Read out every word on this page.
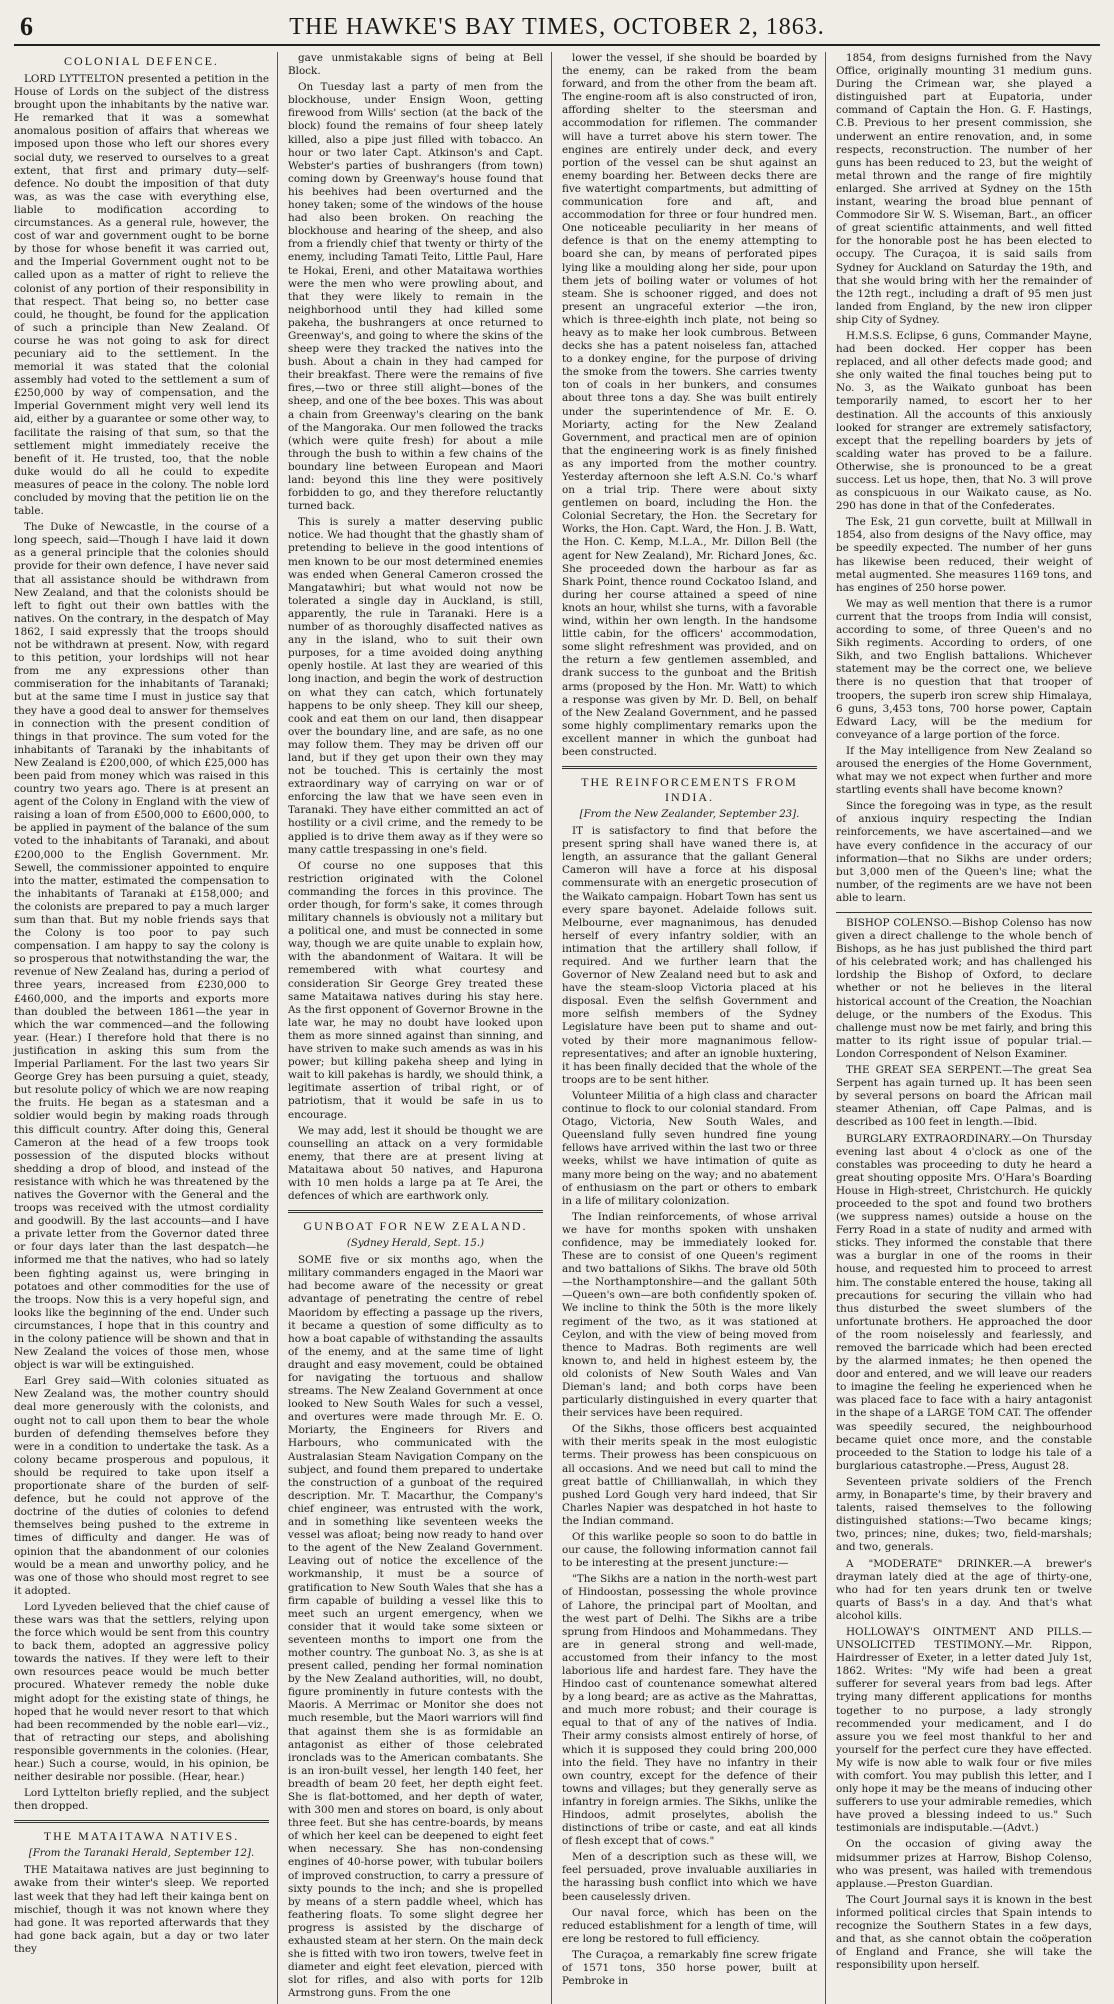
6	THE HAWKE'S BAY TIMES, OCTOBER 2, 1863.
COLONIAL DEFENCE.

LORD LYTTELTON presented a petition in the House of Lords on the subject of the distress brought upon the inhabitants by the native war. He remarked that it was a somewhat anomalous position of affairs that whereas we imposed upon those who left our shores every social duty, we reserved to ourselves to a great extent, that first and primary duty—self-defence. No doubt the imposition of that duty was, as was the case with everything else, liable to modification according to circumstances. As a general rule, however, the cost of war and government ought to be borne by those for whose benefit it was carried out, and the Imperial Government ought not to be called upon as a matter of right to relieve the colonist of any portion of their responsibility in that respect. That being so, no better case could, he thought, be found for the application of such a principle than New Zealand. Of course he was not going to ask for direct pecuniary aid to the settlement. In the memorial it was stated that the colonial assembly had voted to the settlement a sum of £250,000 by way of compensation, and the Imperial Government might very well lend its aid, either by a guarantee or some other way, to facilitate the raising of that sum, so that the settlement might immediately receive the benefit of it. He trusted, too, that the noble duke would do all he could to expedite measures of peace in the colony. The noble lord concluded by moving that the petition lie on the table.

The Duke of Newcastle, in the course of a long speech, said—Though I have laid it down as a general principle that the colonies should provide for their own defence, I have never said that all assistance should be withdrawn from New Zealand, and that the colonists should be left to fight out their own battles with the natives. On the contrary, in the despatch of May 1862, I said expressly that the troops should not be withdrawn at present. Now, with regard to this petition, your lordships will not hear from me any expressions other than commiseration for the inhabitants of Taranaki; but at the same time I must in justice say that they have a good deal to answer for themselves in connection with the present condition of things in that province. The sum voted for the inhabitants of Taranaki by the inhabitants of New Zealand is £200,000, of which £25,000 has been paid from money which was raised in this country two years ago. There is at present an agent of the Colony in England with the view of raising a loan of from £500,000 to £600,000, to be applied in payment of the balance of the sum voted to the inhabitants of Taranaki, and about £200,000 to the English Government. Mr. Sewell, the commissioner appointed to enquire into the matter, estimated the compensation to the inhabitants of Taranaki at £158,000; and the colonists are prepared to pay a much larger sum than that. But my noble friends says that the Colony is too poor to pay such compensation. I am happy to say the colony is so prosperous that notwithstanding the war, the revenue of New Zealand has, during a period of three years, increased from £230,000 to £460,000, and the imports and exports more than doubled the between 1861—the year in which the war commenced—and the following year. (Hear.) I therefore hold that there is no justification in asking this sum from the Imperial Parliament. For the last two years Sir George Grey has been pursuing a quiet, steady, but resolute policy of which we are now reaping the fruits. He began as a statesman and a soldier would begin by making roads through this difficult country. After doing this, General Cameron at the head of a few troops took possession of the disputed blocks without shedding a drop of blood, and instead of the resistance with which he was threatened by the natives the Governor with the General and the troops was received with the utmost cordiality and goodwill. By the last accounts—and I have a private letter from the Governor dated three or four days later than the last despatch—he informed me that the natives, who had so lately been fighting against us, were bringing in potatoes and other commodities for the use of the troops. Now this is a very hopeful sign, and looks like the beginning of the end. Under such circumstances, I hope that in this country and in the colony patience will be shown and that in New Zealand the voices of those men, whose object is war will be extinguished.

Earl Grey said—With colonies situated as New Zealand was, the mother country should deal more generously with the colonists, and ought not to call upon them to bear the whole burden of defending themselves before they were in a condition to undertake the task. As a colony became prosperous and populous, it should be required to take upon itself a proportionate share of the burden of self-defence, but he could not approve of the doctrine of the duties of colonies to defend themselves being pushed to the extreme in times of difficulty and danger. He was of opinion that the abandonment of our colonies would be a mean and unworthy policy, and he was one of those who should most regret to see it adopted.

Lord Lyveden believed that the chief cause of these wars was that the settlers, relying upon the force which would be sent from this country to back them, adopted an aggressive policy towards the natives. If they were left to their own resources peace would be much better procured. Whatever remedy the noble duke might adopt for the existing state of things, he hoped that he would never resort to that which had been recommended by the noble earl—viz., that of retracting our steps, and abolishing responsible governments in the colonies. (Hear, hear.) Such a course, would, in his opinion, be neither desirable nor possible. (Hear, hear.)

Lord Lyttelton briefly replied, and the subject then dropped.

THE MATAITAWA NATIVES.
[From the Taranaki Herald, September 12].

THE Mataitawa natives are just beginning to awake from their winter's sleep. We reported last week that they had left their kainga bent on mischief, though it was not known where they had gone. It was reported afterwards that they had gone back again, but a day or two later they

gave unmistakable signs of being at Bell Block.

On Tuesday last a party of men from the blockhouse, under Ensign Woon, getting firewood from Wills' section (at the back of the block) found the remains of four sheep lately killed, also a pipe just filled with tobacco. An hour or two later Capt. Atkinson's and Capt. Webster's parties of bushrangers (from town) coming down by Greenway's house found that his beehives had been overturned and the honey taken; some of the windows of the house had also been broken. On reaching the blockhouse and hearing of the sheep, and also from a friendly chief that twenty or thirty of the enemy, including Tamati Teito, Little Paul, Hare te Hokai, Ereni, and other Mataitawa worthies were the men who were prowling about, and that they were likely to remain in the neighborhood until they had killed some pakeha, the bushrangers at once returned to Greenway's, and going to where the skins of the sheep were they tracked the natives into the bush. About a chain in they had camped for their breakfast. There were the remains of five fires,—two or three still alight—bones of the sheep, and one of the bee boxes. This was about a chain from Greenway's clearing on the bank of the Mangoraka. Our men followed the tracks (which were quite fresh) for about a mile through the bush to within a few chains of the boundary line between European and Maori land: beyond this line they were positively forbidden to go, and they therefore reluctantly turned back.

This is surely a matter deserving public notice. We had thought that the ghastly sham of pretending to believe in the good intentions of men known to be our most determined enemies was ended when General Cameron crossed the Mangatawhiri; but what would not now be tolerated a single day in Auckland, is still, apparently, the rule in Taranaki. Here is a number of as thoroughly disaffected natives as any in the island, who to suit their own purposes, for a time avoided doing anything openly hostile. At last they are wearied of this long inaction, and begin the work of destruction on what they can catch, which fortunately happens to be only sheep. They kill our sheep, cook and eat them on our land, then disappear over the boundary line, and are safe, as no one may follow them. They may be driven off our land, but if they get upon their own they may not be touched. This is certainly the most extraordinary way of carrying on war or of enforcing the law that we have seen even in Taranaki. They have either committed an act of hostility or a civil crime, and the remedy to be applied is to drive them away as if they were so many cattle trespassing in one's field.

Of course no one supposes that this restriction originated with the Colonel commanding the forces in this province. The order though, for form's sake, it comes through military channels is obviously not a military but a political one, and must be connected in some way, though we are quite unable to explain how, with the abandonment of Waitara. It will be remembered with what courtesy and consideration Sir George Grey treated these same Mataitawa natives during his stay here. As the first opponent of Governor Browne in the late war, he may no doubt have looked upon them as more sinned against than sinning, and have striven to make such amends as was in his power; but killing pakeha sheep and lying in wait to kill pakehas is hardly, we should think, a legitimate assertion of tribal right, or of patriotism, that it would be safe in us to encourage.

We may add, lest it should be thought we are counselling an attack on a very formidable enemy, that there are at present living at Mataitawa about 50 natives, and Hapurona with 10 men holds a large pa at Te Arei, the defences of which are earthwork only.

GUNBOAT FOR NEW ZEALAND.
(Sydney Herald, Sept. 15.)

SOME five or six months ago, when the military commanders engaged in the Maori war had become aware of the necessity or great advantage of penetrating the centre of rebel Maoridom by effecting a passage up the rivers, it became a question of some difficulty as to how a boat capable of withstanding the assaults of the enemy, and at the same time of light draught and easy movement, could be obtained for navigating the tortuous and shallow streams. The New Zealand Government at once looked to New South Wales for such a vessel, and overtures were made through Mr. E. O. Moriarty, the Engineers for Rivers and Harbours, who communicated with the Australasian Steam Navigation Company on the subject, and found them prepared to undertake the construction of a gunboat of the required description. Mr. T. Macarthur, the Company's chief engineer, was entrusted with the work, and in something like seventeen weeks the vessel was afloat; being now ready to hand over to the agent of the New Zealand Government. Leaving out of notice the excellence of the workmanship, it must be a source of gratification to New South Wales that she has a firm capable of building a vessel like this to meet such an urgent emergency, when we consider that it would take some sixteen or seventeen months to import one from the mother country. The gunboat No. 3, as she is at present called, pending her formal nomination by the New Zealand authorities, will, no doubt, figure prominently in future contests with the Maoris. A Merrimac or Monitor she does not much resemble, but the Maori warriors will find that against them she is as formidable an antagonist as either of those celebrated ironclads was to the American combatants. She is an iron-built vessel, her length 140 feet, her breadth of beam 20 feet, her depth eight feet. She is flat-bottomed, and her depth of water, with 300 men and stores on board, is only about three feet. But she has centre-boards, by means of which her keel can be deepened to eight feet when necessary. She has non-condensing engines of 40-horse power, with tubular boilers of improved construction, to carry a pressure of sixty pounds to the inch; and she is propelled by means of a stern paddle wheel, which has feathering floats. To some slight degree her progress is assisted by the discharge of exhausted steam at her stern. On the main deck she is fitted with two iron towers, twelve feet in diameter and eight feet elevation, pierced with slot for rifles, and also with ports for 12lb Armstrong guns. From the one

lower the vessel, if she should be boarded by the enemy, can be raked from the beam forward, and from the other from the beam aft. The engine-room aft is also constructed of iron, affording shelter to the steersman and accommodation for riflemen. The commander will have a turret above his stern tower. The engines are entirely under deck, and every portion of the vessel can be shut against an enemy boarding her. Between decks there are five watertight compartments, but admitting of communication fore and aft, and accommodation for three or four hundred men. One noticeable peculiarity in her means of defence is that on the enemy attempting to board she can, by means of perforated pipes lying like a moulding along her side, pour upon them jets of boiling water or volumes of hot steam. She is schooner rigged, and does not present an ungraceful exterior —the iron, which is three-eighth inch plate, not being so heavy as to make her look cumbrous. Between decks she has a patent noiseless fan, attached to a donkey engine, for the purpose of driving the smoke from the towers. She carries twenty ton of coals in her bunkers, and consumes about three tons a day. She was built entirely under the superintendence of Mr. E. O. Moriarty, acting for the New Zealand Government, and practical men are of opinion that the engineering work is as finely finished as any imported from the mother country. Yesterday afternoon she left A.S.N. Co.'s wharf on a trial trip. There were about sixty gentlemen on board, including the Hon. the Colonial Secretary, the Hon. the Secretary for Works, the Hon. Capt. Ward, the Hon. J. B. Watt, the Hon. C. Kemp, M.L.A., Mr. Dillon Bell (the agent for New Zealand), Mr. Richard Jones, &c. She proceeded down the harbour as far as Shark Point, thence round Cockatoo Island, and during her course attained a speed of nine knots an hour, whilst she turns, with a favorable wind, within her own length. In the handsome little cabin, for the officers' accommodation, some slight refreshment was provided, and on the return a few gentlemen assembled, and drank success to the gunboat and the British arms (proposed by the Hon. Mr. Watt) to which a response was given by Mr. D. Bell, on behalf of the New Zealand Government, and he passed some highly complimentary remarks upon the excellent manner in which the gunboat had been constructed.

THE REINFORCEMENTS FROM INDIA.
[From the New Zealander, September 23].

IT is satisfactory to find that before the present spring shall have waned there is, at length, an assurance that the gallant General Cameron will have a force at his disposal commensurate with an energetic prosecution of the Waikato campaign. Hobart Town has sent us every spare bayonet. Adelaide follows suit. Melbourne, ever magnanimous, has denuded herself of every infantry soldier, with an intimation that the artillery shall follow, if required. And we further learn that the Governor of New Zealand need but to ask and have the steam-sloop Victoria placed at his disposal. Even the selfish Government and more selfish members of the Sydney Legislature have been put to shame and out-voted by their more magnanimous fellow-representatives; and after an ignoble huxtering, it has been finally decided that the whole of the troops are to be sent hither.

Volunteer Militia of a high class and character continue to flock to our colonial standard. From Otago, Victoria, New South Wales, and Queensland fully seven hundred fine young fellows have arrived within the last two or three weeks, whilst we have intimation of quite as many more being on the way; and no abatement of enthusiasm on the part or others to embark in a life of military colonization.

The Indian reinforcements, of whose arrival we have for months spoken with unshaken confidence, may be immediately looked for. These are to consist of one Queen's regiment and two battalions of Sikhs. The brave old 50th—the Northamptonshire—and the gallant 50th—Queen's own—are both confidently spoken of. We incline to think the 50th is the more likely regiment of the two, as it was stationed at Ceylon, and with the view of being moved from thence to Madras. Both regiments are well known to, and held in highest esteem by, the old colonists of New South Wales and Van Dieman's land; and both corps have been particularly distinguished in every quarter that their services have been required.

Of the Sikhs, those officers best acquainted with their merits speak in the most eulogistic terms. Their prowess has been conspicuous on all occasions. And we need but call to mind the great battle of Chillianwallah, in which they pushed Lord Gough very hard indeed, that Sir Charles Napier was despatched in hot haste to the Indian command.

Of this warlike people so soon to do battle in our cause, the following information cannot fail to be interesting at the present juncture:—

"The Sikhs are a nation in the north-west part of Hindoostan, possessing the whole province of Lahore, the principal part of Mooltan, and the west part of Delhi. The Sikhs are a tribe sprung from Hindoos and Mohammedans. They are in general strong and well-made, accustomed from their infancy to the most laborious life and hardest fare. They have the Hindoo cast of countenance somewhat altered by a long beard; are as active as the Mahrattas, and much more robust; and their courage is equal to that of any of the natives of India. Their army consists almost entirely of horse, of which it is supposed they could bring 200,000 into the field. They have no infantry in their own country, except for the defence of their towns and villages; but they generally serve as infantry in foreign armies. The Sikhs, unlike the Hindoos, admit proselytes, abolish the distinctions of tribe or caste, and eat all kinds of flesh except that of cows."

Men of a description such as these will, we feel persuaded, prove invaluable auxiliaries in the harassing bush conflict into which we have been causelessly driven.

Our naval force, which has been on the reduced establishment for a length of time, will ere long be restored to full efficiency.

The Curaçoa, a remarkably fine screw frigate of 1571 tons, 350 horse power, built at Pembroke in

1854, from designs furnished from the Navy Office, originally mounting 31 medium guns. During the Crimean war, she played a distinguished part at Eupatoria, under command of Captain the Hon. G. F. Hastings, C.B. Previous to her present commission, she underwent an entire renovation, and, in some respects, reconstruction. The number of her guns has been reduced to 23, but the weight of metal thrown and the range of fire mightily enlarged. She arrived at Sydney on the 15th instant, wearing the broad blue pennant of Commodore Sir W. S. Wiseman, Bart., an officer of great scientific attainments, and well fitted for the honorable post he has been elected to occupy. The Curaçoa, it is said sails from Sydney for Auckland on Saturday the 19th, and that she would bring with her the remainder of the 12th regt., including a draft of 95 men just landed from England, by the new iron clipper ship City of Sydney.

H.M.S.S. Eclipse, 6 guns, Commander Mayne, had been docked. Her copper has been replaced, and all other defects made good; and she only waited the final touches being put to No. 3, as the Waikato gunboat has been temporarily named, to escort her to her destination. All the accounts of this anxiously looked for stranger are extremely satisfactory, except that the repelling boarders by jets of scalding water has proved to be a failure. Otherwise, she is pronounced to be a great success. Let us hope, then, that No. 3 will prove as conspicuous in our Waikato cause, as No. 290 has done in that of the Confederates.

The Esk, 21 gun corvette, built at Millwall in 1854, also from designs of the Navy office, may be speedily expected. The number of her guns has likewise been reduced, their weight of metal augmented. She measures 1169 tons, and has engines of 250 horse power.

We may as well mention that there is a rumor current that the troops from India will consist, according to some, of three Queen's and no Sikh regiments. According to orders, of one Sikh, and two English battalions. Whichever statement may be the correct one, we believe there is no question that that trooper of troopers, the superb iron screw ship Himalaya, 6 guns, 3,453 tons, 700 horse power, Captain Edward Lacy, will be the medium for conveyance of a large portion of the force.

If the May intelligence from New Zealand so aroused the energies of the Home Government, what may we not expect when further and more startling events shall have become known?

Since the foregoing was in type, as the result of anxious inquiry respecting the Indian reinforcements, we have ascertained—and we have every confidence in the accuracy of our information—that no Sikhs are under orders; but 3,000 men of the Queen's line; what the number, of the regiments are we have not been able to learn.

BISHOP COLENSO.—Bishop Colenso has now given a direct challenge to the whole bench of Bishops, as he has just published the third part of his celebrated work; and has challenged his lordship the Bishop of Oxford, to declare whether or not he believes in the literal historical account of the Creation, the Noachian deluge, or the numbers of the Exodus. This challenge must now be met fairly, and bring this matter to its right issue of popular trial.—London Correspondent of Nelson Examiner.

THE GREAT SEA SERPENT.—The great Sea Serpent has again turned up. It has been seen by several persons on board the African mail steamer Athenian, off Cape Palmas, and is described as 100 feet in length.—Ibid.

BURGLARY EXTRAORDINARY.—On Thursday evening last about 4 o'clock as one of the constables was proceeding to duty he heard a great shouting opposite Mrs. O'Hara's Boarding House in High-street, Christchurch. He quickly proceeded to the spot and found two brothers (we suppress names) outside a house on the Ferry Road in a state of nudity and armed with sticks. They informed the constable that there was a burglar in one of the rooms in their house, and requested him to proceed to arrest him. The constable entered the house, taking all precautions for securing the villain who had thus disturbed the sweet slumbers of the unfortunate brothers. He approached the door of the room noiselessly and fearlessly, and removed the barricade which had been erected by the alarmed inmates; he then opened the door and entered, and we will leave our readers to imagine the feeling he experienced when he was placed face to face with a hairy antagonist in the shape of a LARGE TOM CAT. The offender was speedily secured, the neighbourhood became quiet once more, and the constable proceeded to the Station to lodge his tale of a burglarious catastrophe.—Press, August 28.

Seventeen private soldiers of the French army, in Bonaparte's time, by their bravery and talents, raised themselves to the following distinguished stations:—Two became kings; two, princes; nine, dukes; two, field-marshals; and two, generals.

A "MODERATE" DRINKER.—A brewer's drayman lately died at the age of thirty-one, who had for ten years drunk ten or twelve quarts of Bass's in a day. And that's what alcohol kills.

HOLLOWAY'S OINTMENT AND PILLS.—UNSOLICITED TESTIMONY.—Mr. Rippon, Hairdresser of Exeter, in a letter dated July 1st, 1862. Writes: "My wife had been a great sufferer for several years from bad legs. After trying many different applications for months together to no purpose, a lady strongly recommended your medicament, and I do assure you we feel most thankful to her and yourself for the perfect cure they have effected. My wife is now able to walk four or five miles with comfort. You may publish this letter, and I only hope it may be the means of inducing other sufferers to use your admirable remedies, which have proved a blessing indeed to us." Such testimonials are indisputable.—(Advt.)

On the occasion of giving away the midsummer prizes at Harrow, Bishop Colenso, who was present, was hailed with tremendous applause.—Preston Guardian.

The Court Journal says it is known in the best informed political circles that Spain intends to recognize the Southern States in a few days, and that, as she cannot obtain the coöperation of England and France, she will take the responsibility upon herself.
